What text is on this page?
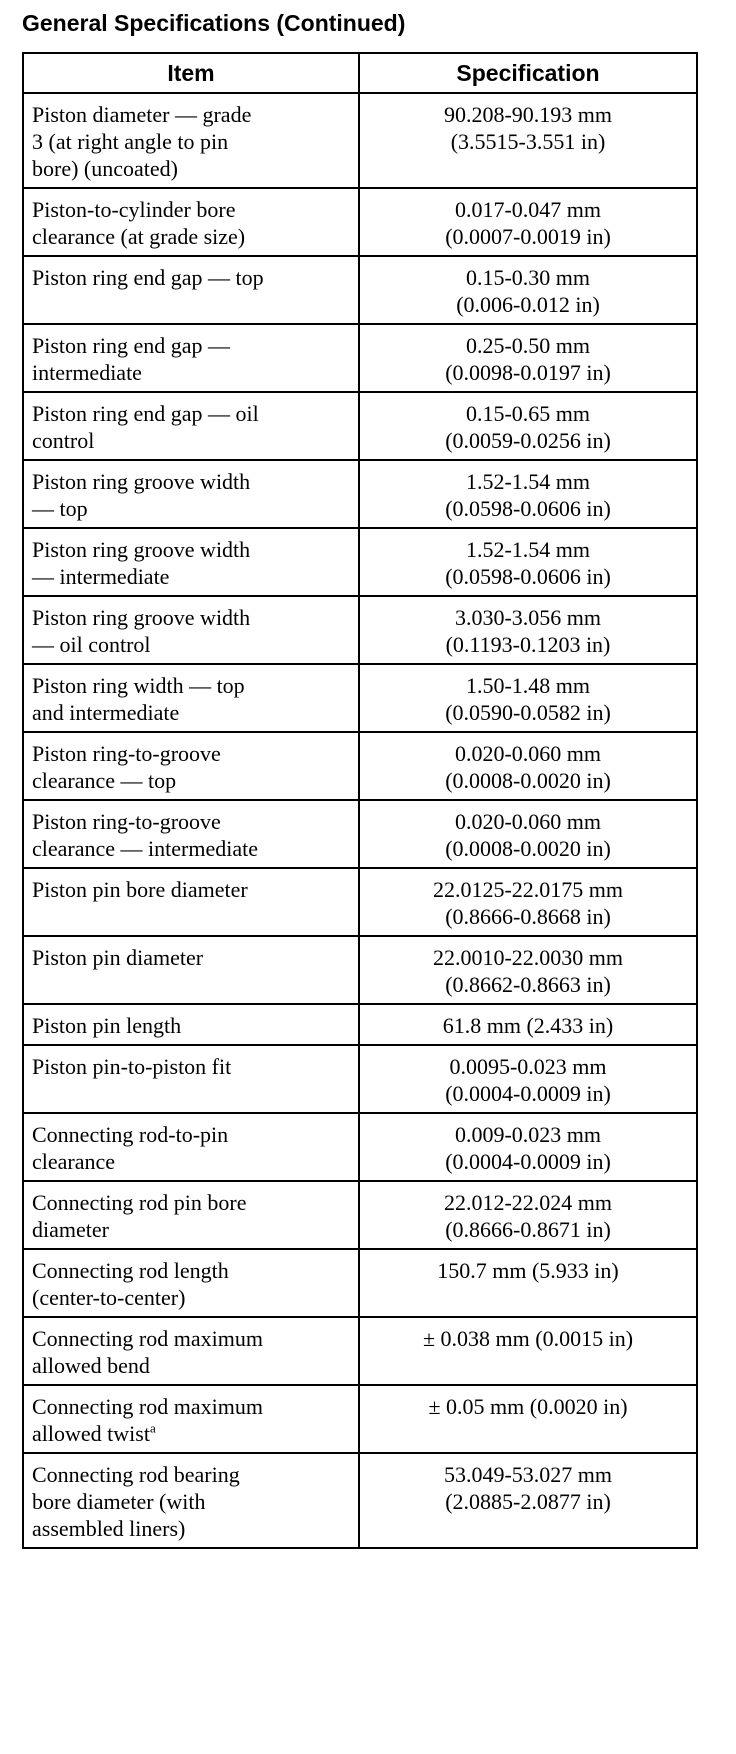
General Specifications (Continued)
Item	Specification

Piston diameter — grade
3 (at right angle to pin
bore) (uncoated)	90.208-90.193 mm
(3.5515-3.551 in)

Piston-to-cylinder bore
clearance (at grade size)	0.017-0.047 mm
(0.0007-0.0019 in)

Piston ring end gap — top	0.15-0.30 mm
(0.006-0.012 in)

Piston ring end gap —
intermediate	0.25-0.50 mm
(0.0098-0.0197 in)

Piston ring end gap — oil
control	0.15-0.65 mm
(0.0059-0.0256 in)

Piston ring groove width
— top	1.52-1.54 mm
(0.0598-0.0606 in)

Piston ring groove width
— intermediate	1.52-1.54 mm
(0.0598-0.0606 in)

Piston ring groove width
— oil control	3.030-3.056 mm
(0.1193-0.1203 in)

Piston ring width — top
and intermediate	1.50-1.48 mm
(0.0590-0.0582 in)

Piston ring-to-groove
clearance — top	0.020-0.060 mm
(0.0008-0.0020 in)

Piston ring-to-groove
clearance — intermediate	0.020-0.060 mm
(0.0008-0.0020 in)

Piston pin bore diameter	22.0125-22.0175 mm
(0.8666-0.8668 in)

Piston pin diameter	22.0010-22.0030 mm
(0.8662-0.8663 in)

Piston pin length	61.8 mm (2.433 in)

Piston pin-to-piston fit	0.0095-0.023 mm
(0.0004-0.0009 in)

Connecting rod-to-pin
clearance	0.009-0.023 mm
(0.0004-0.0009 in)

Connecting rod pin bore
diameter	22.012-22.024 mm
(0.8666-0.8671 in)

Connecting rod length
(center-to-center)	150.7 mm (5.933 in)

Connecting rod maximum
allowed bend	± 0.038 mm (0.0015 in)

Connecting rod maximum
allowed twist$^a$	± 0.05 mm (0.0020 in)

Connecting rod bearing
bore diameter (with
assembled liners)	53.049-53.027 mm
(2.0885-2.0877 in)
